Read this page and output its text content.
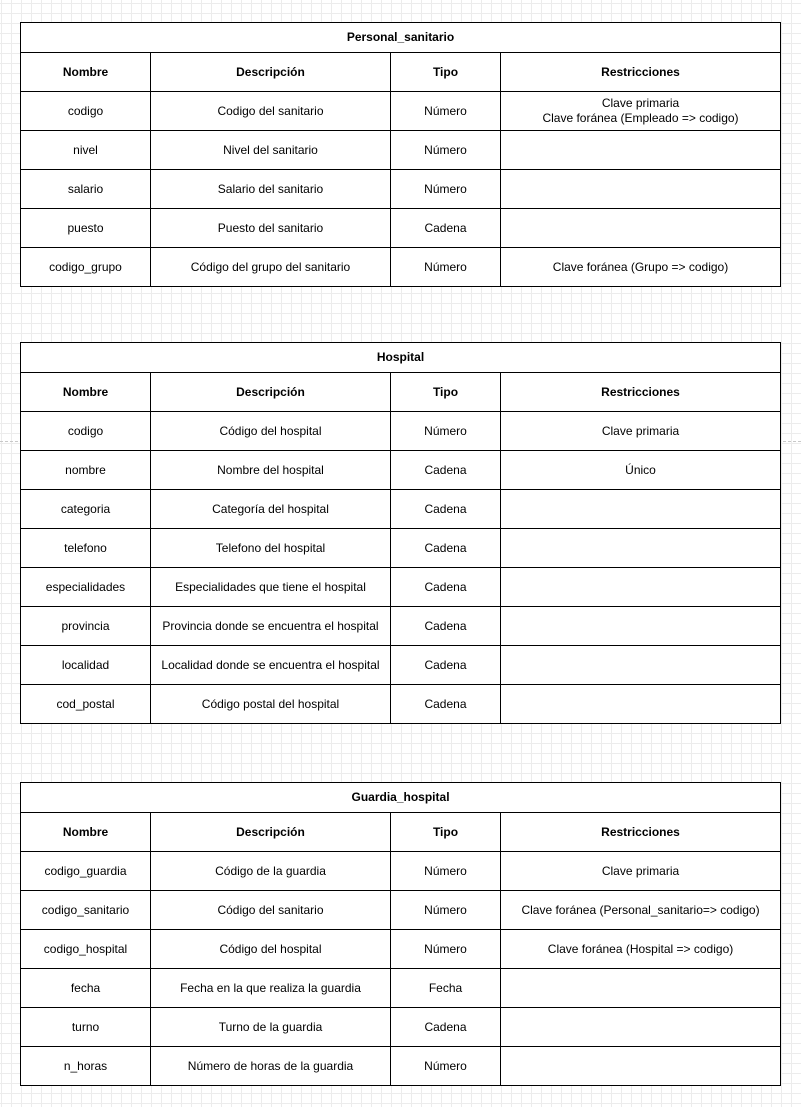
Personal_sanitario			
Nombre	Descripción	Tipo	Restricciones
codigo	Codigo del sanitario	Número	Clave primaria
Clave foránea (Empleado => codigo)
nivel	Nivel del sanitario	Número	
salario	Salario del sanitario	Número	
puesto	Puesto del sanitario	Cadena	
codigo_grupo	Código del grupo del sanitario	Número	Clave foránea (Grupo => codigo)
Hospital			
Nombre	Descripción	Tipo	Restricciones
codigo	Código del hospital	Número	Clave primaria
nombre	Nombre del hospital	Cadena	Único
categoria	Categoría del hospital	Cadena	
telefono	Telefono del hospital	Cadena	
especialidades	Especialidades que tiene el hospital	Cadena	
provincia	Provincia donde se encuentra el hospital	Cadena	
localidad	Localidad donde se encuentra el hospital	Cadena	
cod_postal	Código postal del hospital	Cadena	
Guardia_hospital			
Nombre	Descripción	Tipo	Restricciones
codigo_guardia	Código de la guardia	Número	Clave primaria
codigo_sanitario	Código del sanitario	Número	Clave foránea (Personal_sanitario=> codigo)
codigo_hospital	Código del hospital	Número	Clave foránea (Hospital => codigo)
fecha	Fecha en la que realiza la guardia	Fecha	
turno	Turno de la guardia	Cadena	
n_horas	Número de horas de la guardia	Número	
